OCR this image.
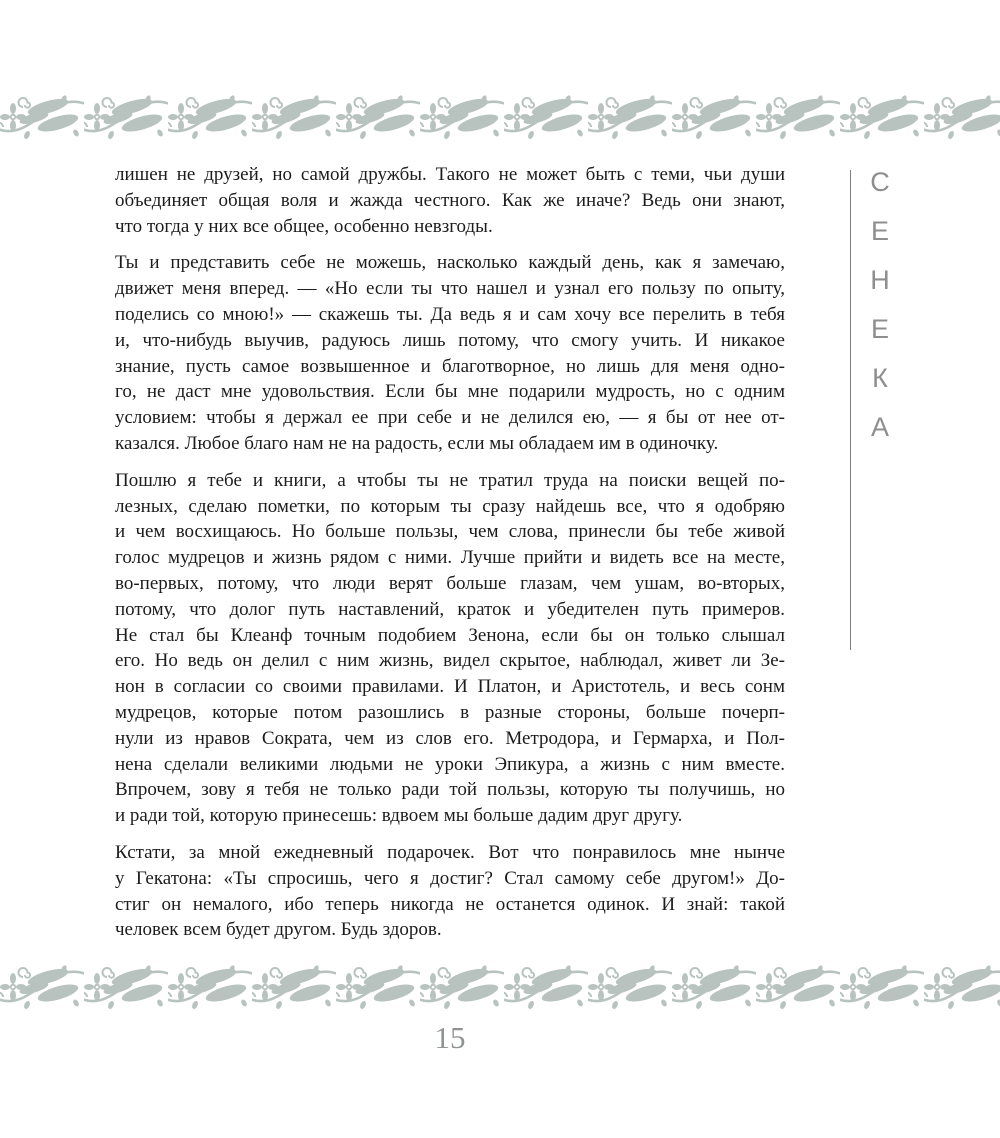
лишен не друзей, но самой дружбы. Такого не может быть с теми, чьи души
объединяет общая воля и жажда честного. Как же иначе? Ведь они знают,
что тогда у них все общее, особенно невзгоды.
Ты и представить себе не можешь, насколько каждый день, как я замечаю,
движет меня вперед. — «Но если ты что нашел и узнал его пользу по опыту,
поделись со мною!» — скажешь ты. Да ведь я и сам хочу все перелить в тебя
и, что-нибудь выучив, радуюсь лишь потому, что смогу учить. И никакое
знание, пусть самое возвышенное и благотворное, но лишь для меня одно-
го, не даст мне удовольствия. Если бы мне подарили мудрость, но с одним
условием: чтобы я держал ее при себе и не делился ею, — я бы от нее от-
казался. Любое благо нам не на радость, если мы обладаем им в одиночку.
Пошлю я тебе и книги, а чтобы ты не тратил труда на поиски вещей по-
лезных, сделаю пометки, по которым ты сразу найдешь все, что я одобряю
и чем восхищаюсь. Но больше пользы, чем слова, принесли бы тебе живой
голос мудрецов и жизнь рядом с ними. Лучше прийти и видеть все на месте,
во-первых, потому, что люди верят больше глазам, чем ушам, во-вторых,
потому, что долог путь наставлений, краток и убедителен путь примеров.
Не стал бы Клеанф точным подобием Зенона, если бы он только слышал
его. Но ведь он делил с ним жизнь, видел скрытое, наблюдал, живет ли Зе-
нон в согласии со своими правилами. И Платон, и Аристотель, и весь сонм
мудрецов, которые потом разошлись в разные стороны, больше почерп-
нули из нравов Сократа, чем из слов его. Метродора, и Гермарха, и Пол-
нена сделали великими людьми не уроки Эпикура, а жизнь с ним вместе.
Впрочем, зову я тебя не только ради той пользы, которую ты получишь, но
и ради той, которую принесешь: вдвоем мы больше дадим друг другу.
Кстати, за мной ежедневный подарочек. Вот что понравилось мне нынче
у Гекатона: «Ты спросишь, чего я достиг? Стал самому себе другом!» До-
стиг он немалого, ибо теперь никогда не останется одинок. И знай: такой
человек всем будет другом. Будь здоров.
С
Е
Н
Е
К
А
15
